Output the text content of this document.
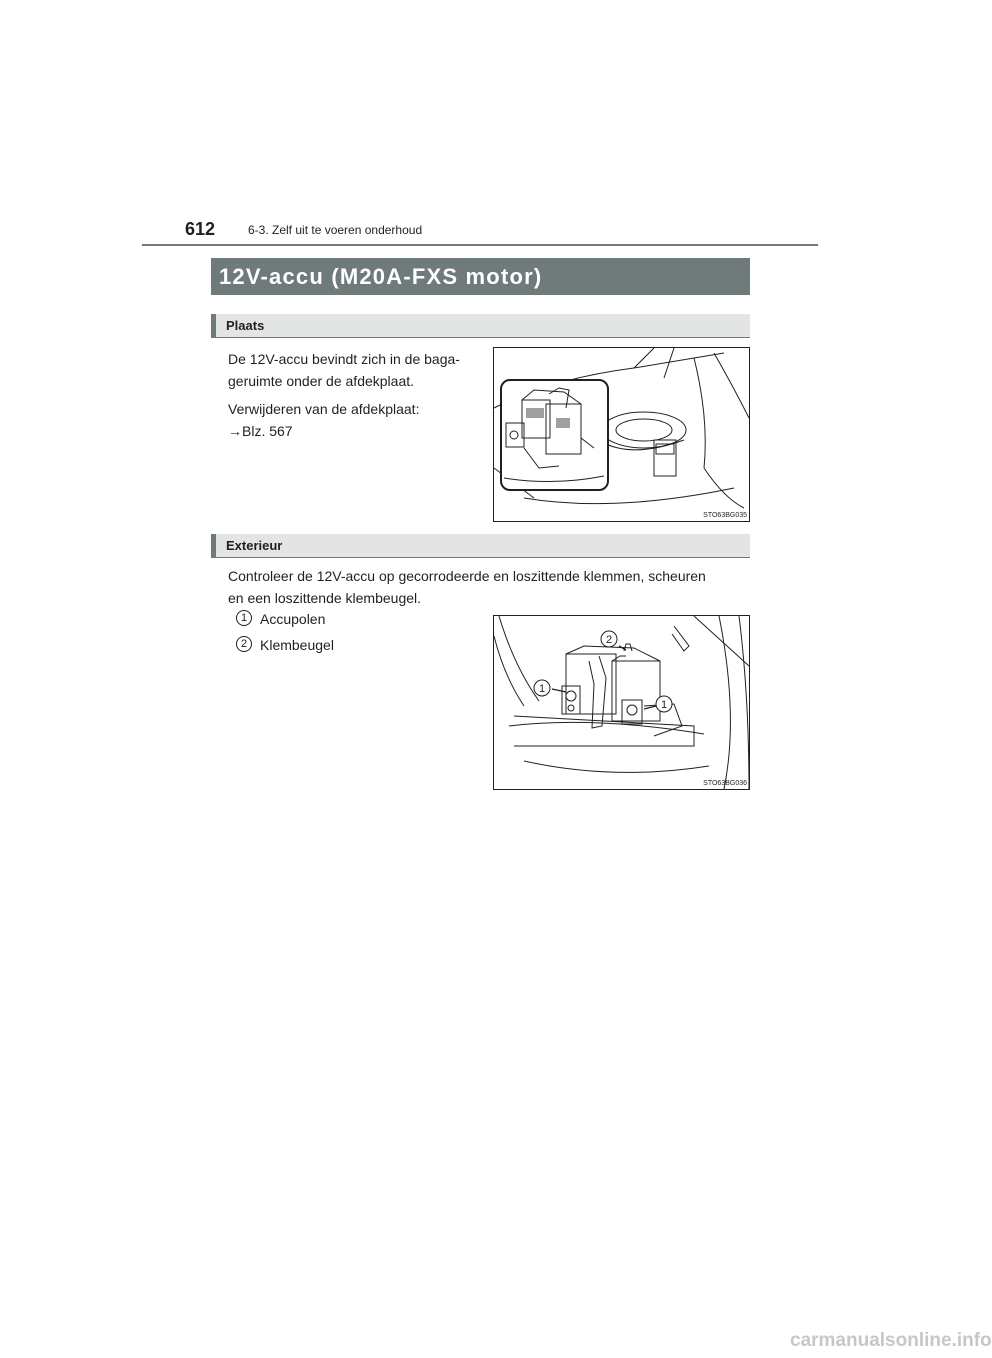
612	6-3. Zelf uit te voeren onderhoud
12V-accu (M20A-FXS motor)
Plaats
De 12V-accu bevindt zich in de baga-
geruimte onder de afdekplaat.
Verwijderen van de afdekplaat:
→Blz. 567
STO63BG035
Exterieur
Controleer de 12V-accu op gecorrodeerde en loszittende klemmen, scheuren
en een loszittende klembeugel.
1 Accupolen
2 Klembeugel
1
2
1
STO63BG036
carmanualsonline.info
